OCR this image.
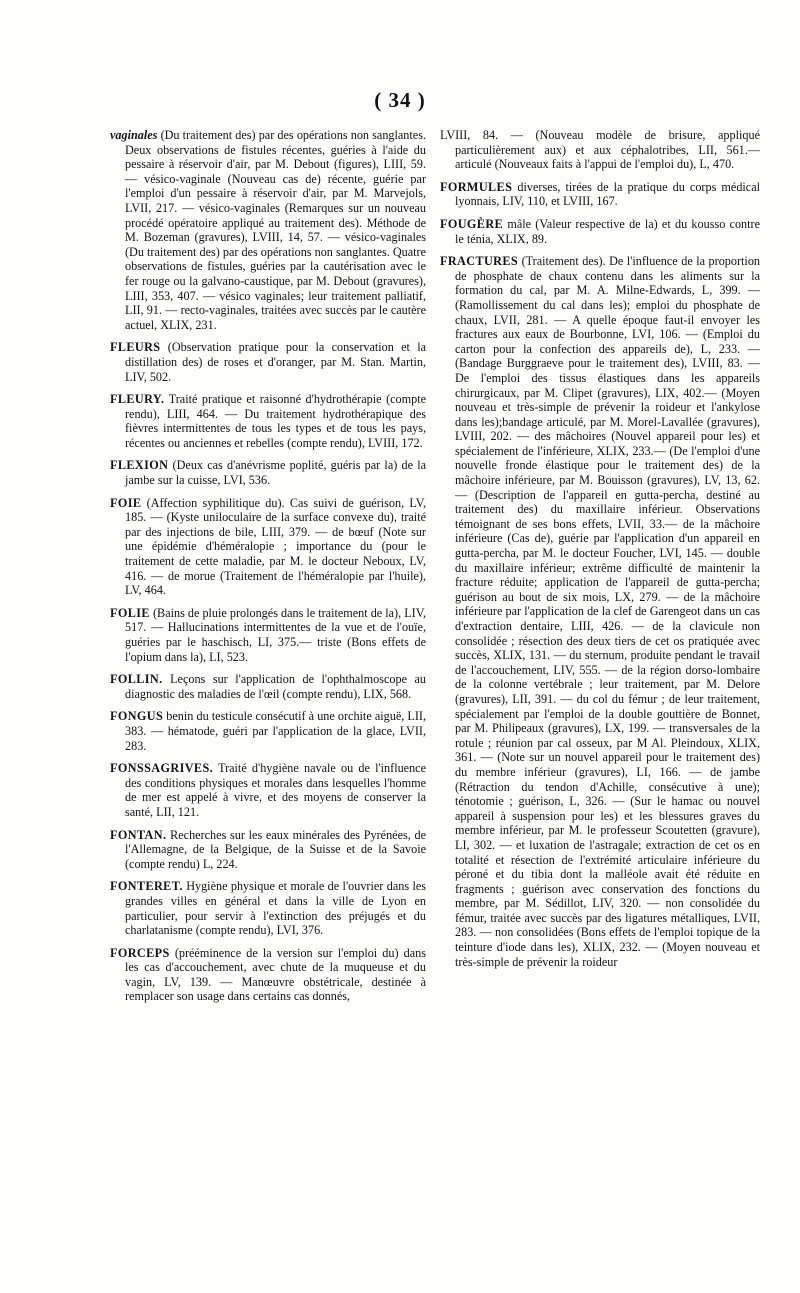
( 34 )

vaginales (Du traitement des) par des opérations non sanglantes. Deux observations de fistules récentes, guéries à l'aide du pessaire à réservoir d'air, par M. Debout (figures), LIII, 59. — vésico-vaginale (Nouveau cas de) récente, guérie par l'emploi d'un pessaire à réservoir d'air, par M. Marvejols, LVII, 217. — vésico-vaginales (Remarques sur un nouveau procédé opératoire appliqué au traitement des). Méthode de M. Bozeman (gravures), LVIII, 14, 57. — vésico-vaginales (Du traitement des) par des opérations non sanglantes. Quatre observations de fistules, guéries par la cautérisation avec le fer rouge ou la galvano-caustique, par M. Debout (gravures), LIII, 353, 407. — vésico vaginales; leur traitement palliatif, LII, 91. — recto-vaginales, traitées avec succès par le cautère actuel, XLIX, 231.

FLEURS (Observation pratique pour la conservation et la distillation des) de roses et d'oranger, par M. Stan. Martin, LIV, 502.

FLEURY. Traité pratique et raisonné d'hydrothérapie (compte rendu), LIII, 464. — Du traitement hydrothérapique des fièvres intermittentes de tous les types et de tous les pays, récentes ou anciennes et rebelles (compte rendu), LVIII, 172.

FLEXION (Deux cas d'anévrisme poplité, guéris par la) de la jambe sur la cuisse, LVI, 536.

FOIE (Affection syphilitique du). Cas suivi de guérison, LV, 185. — (Kyste uniloculaire de la surface convexe du), traité par des injections de bile, LIII, 379. — de bœuf (Note sur une épidémie d'héméralopie ; importance du (pour le traitement de cette maladie, par M. le docteur Neboux, LV, 416. — de morue (Traitement de l'héméralopie par l'huile), LV, 464.

FOLIE (Bains de pluie prolongés dans le traitement de la), LIV, 517. — Hallucinations intermittentes de la vue et de l'ouïe, guéries par le haschisch, LI, 375.— triste (Bons effets de l'opium dans la), LI, 523.

FOLLIN. Leçons sur l'application de l'ophthalmoscope au diagnostic des maladies de l'œil (compte rendu), LIX, 568.

FONGUS benin du testicule consécutif à une orchite aiguë, LII, 383. — hématode, guéri par l'application de la glace, LVII, 283.

FONSSAGRIVES. Traité d'hygiène navale ou de l'influence des conditions physiques et morales dans lesquelles l'homme de mer est appelé à vivre, et des moyens de conserver la santé, LII, 121.

FONTAN. Recherches sur les eaux minérales des Pyrénées, de l'Allemagne, de la Belgique, de la Suisse et de la Savoie (compte rendu) L, 224.

FONTERET. Hygiène physique et morale de l'ouvrier dans les grandes villes en général et dans la ville de Lyon en particulier, pour servir à l'extinction des préjugés et du charlatanisme (compte rendu), LVI, 376.

FORCEPS (prééminence de la version sur l'emploi du) dans les cas d'accouchement, avec chute de la muqueuse et du vagin, LV, 139. — Manœuvre obstétricale, destinée à remplacer son usage dans certains cas donnés,

LVIII, 84. — (Nouveau modèle de brisure, appliqué particulièrement aux) et aux céphalotribes, LII, 561.— articulé (Nouveaux faits à l'appui de l'emploi du), L, 470.

FORMULES diverses, tirées de la pratique du corps médical lyonnais, LIV, 110, et LVIII, 167.

FOUGÈRE mâle (Valeur respective de la) et du kousso contre le ténia, XLIX, 89.

FRACTURES (Traitement des). De l'influence de la proportion de phosphate de chaux contenu dans les aliments sur la formation du cal, par M. A. Milne-Edwards, L, 399. — (Ramollissement du cal dans les); emploi du phosphate de chaux, LVII, 281. — A quelle époque faut-il envoyer les fractures aux eaux de Bourbonne, LVI, 106. — (Emploi du carton pour la confection des appareils de), L, 233. — (Bandage Burggraeve pour le traitement des), LVIII, 83. — De l'emploi des tissus élastiques dans les appareils chirurgicaux, par M. Clipet (gravures), LIX, 402.— (Moyen nouveau et très-simple de prévenir la roideur et l'ankylose dans les);bandage articulé, par M. Morel-Lavallée (gravures), LVIII, 202. — des mâchoires (Nouvel appareil pour les) et spécialement de l'inférieure, XLIX, 233.— (De l'emploi d'une nouvelle fronde élastique pour le traitement des) de la mâchoire inférieure, par M. Bouisson (gravures), LV, 13, 62. — (Description de l'appareil en gutta-percha, destiné au traitement des) du maxillaire inférieur. Observations témoignant de ses bons effets, LVII, 33.— de la mâchoire inférieure (Cas de), guérie par l'application d'un appareil en gutta-percha, par M. le docteur Foucher, LVI, 145. — double du maxillaire inférieur; extrême difficulté de maintenir la fracture réduite; application de l'appareil de gutta-percha; guérison au bout de six mois, LX, 279. — de la mâchoire inférieure par l'application de la clef de Garengeot dans un cas d'extraction dentaire, LIII, 426. — de la clavicule non consolidée ; résection des deux tiers de cet os pratiquée avec succès, XLIX, 131. — du sternum, produite pendant le travail de l'accouchement, LIV, 555. — de la région dorso-lombaire de la colonne vertébrale ; leur traitement, par M. Delore (gravures), LII, 391. — du col du fémur ; de leur traitement, spécialement par l'emploi de la double gouttière de Bonnet, par M. Philipeaux (gravures), LX, 199. — transversales de la rotule ; réunion par cal osseux, par M Al. Pleindoux, XLIX, 361. — (Note sur un nouvel appareil pour le traitement des) du membre inférieur (gravures), LI, 166. — de jambe (Rétraction du tendon d'Achille, consécutive à une); ténotomie ; guérison, L, 326. — (Sur le hamac ou nouvel appareil à suspension pour les) et les blessures graves du membre inférieur, par M. le professeur Scoutetten (gravure), LI, 302. — et luxation de l'astragale; extraction de cet os en totalité et résection de l'extrémité articulaire inférieure du péroné et du tibia dont la malléole avait été réduite en fragments ; guérison avec conservation des fonctions du membre, par M. Sédillot, LIV, 320. — non consolidée du fémur, traitée avec succès par des ligatures métalliques, LVII, 283. — non consolidées (Bons effets de l'emploi topique de la teinture d'iode dans les), XLIX, 232. — (Moyen nouveau et très-simple de prévenir la roideur
